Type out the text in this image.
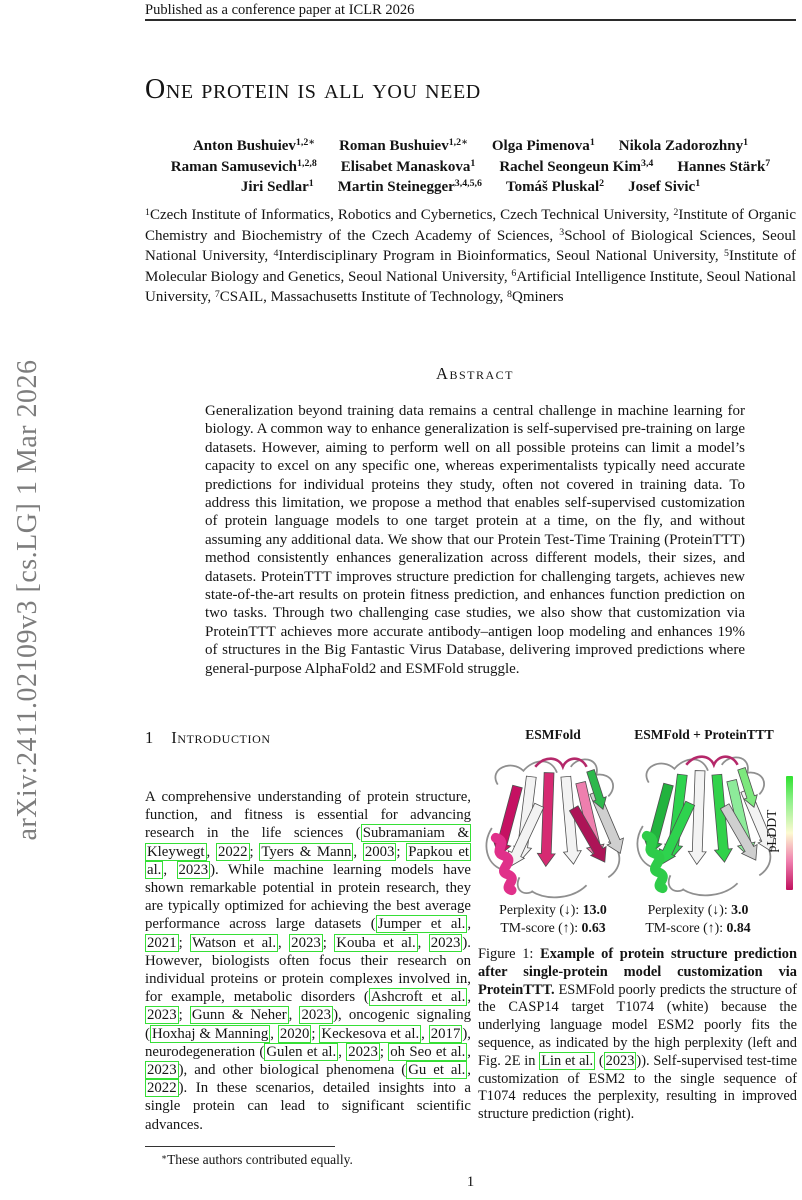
arXiv:2411.02109v3 [cs.LG] 1 Mar 2026
Published as a conference paper at ICLR 2026
One protein is all you need
Anton Bushuiev$^{1,2∗}$ Roman Bushuiev$^{1,2∗}$ Olga Pimenova$^1$ Nikola Zadorozhny$^1$
Raman Samusevich$^{1,2,8}$ Elisabet Manaskova$^1$ Rachel Seongeun Kim$^{3,4}$ Hannes Stärk$^7$
Jiri Sedlar$^1$ Martin Steinegger$^{3,4,5,6}$ Tomáš Pluskal$^2$ Josef Sivic$^1$
$^1$Czech Institute of Informatics, Robotics and Cybernetics, Czech Technical University, $^2$Institute of Organic Chemistry and Biochemistry of the Czech Academy of Sciences, $^3$School of Biological Sciences, Seoul National University, $^4$Interdisciplinary Program in Bioinformatics, Seoul National University, $^5$Institute of Molecular Biology and Genetics, Seoul National University, $^6$Artificial Intelligence Institute, Seoul National University, $^7$CSAIL, Massachusetts Institute of Technology, $^8$Qminers
Abstract
Generalization beyond training data remains a central challenge in machine learning for biology. A common way to enhance generalization is self-supervised pre-training on large datasets. However, aiming to perform well on all possible proteins can limit a model’s capacity to excel on any specific one, whereas experimentalists typically need accurate predictions for individual proteins they study, often not covered in training data. To address this limitation, we propose a method that enables self-supervised customization of protein language models to one target protein at a time, on the fly, and without assuming any additional data. We show that our Protein Test-Time Training (ProteinTTT) method consistently enhances generalization across different models, their sizes, and datasets. ProteinTTT improves structure prediction for challenging targets, achieves new state-of-the-art results on protein fitness prediction, and enhances function prediction on two tasks. Through two challenging case studies, we also show that customization via ProteinTTT achieves more accurate antibody–antigen loop modeling and enhances 19% of structures in the Big Fantastic Virus Database, delivering improved predictions where general-purpose AlphaFold2 and ESMFold struggle.
1 Introduction
A comprehensive understanding of protein structure, function, and fitness is essential for advancing research in the life sciences ( Subramaniam & Kleywegt , 2022 ; Tyers & Mann , 2003 ; Papkou et al. , 2023 ). While machine learning models have shown remarkable potential in protein research, they are typically optimized for achieving the best average performance across large datasets ( Jumper et al. , 2021 ; Watson et al. , 2023 ; Kouba et al. , 2023 ). However, biologists often focus their research on individual proteins or protein complexes involved in, for example, metabolic disorders ( Ashcroft et al. , 2023 ; Gunn & Neher , 2023 ), oncogenic signaling ( Hoxhaj & Manning , 2020 ; Keckesova et al. , 2017 ), neurodegeneration ( Gulen et al. , 2023 ; oh Seo et al. , 2023 ), and other biological phenomena ( Gu et al. , 2022 ). In these scenarios, detailed insights into a single protein can lead to significant scientific advances.
∗These authors contributed equally.
1
ESMFold	ESMFold + ProteinTTT
pLDDT
Perplexity (↓): 13.0
TM-score (↑): 0.63
Perplexity (↓): 3.0
TM-score (↑): 0.84
Figure 1: Example of protein structure prediction after single-protein model customization via ProteinTTT. ESMFold poorly predicts the structure of the CASP14 target T1074 (white) because the underlying language model ESM2 poorly fits the sequence, as indicated by the high perplexity (left and Fig. 2E in Lin et al. ( 2023 )). Self-supervised test-time customization of ESM2 to the single sequence of T1074 reduces the perplexity, resulting in improved structure prediction (right).
